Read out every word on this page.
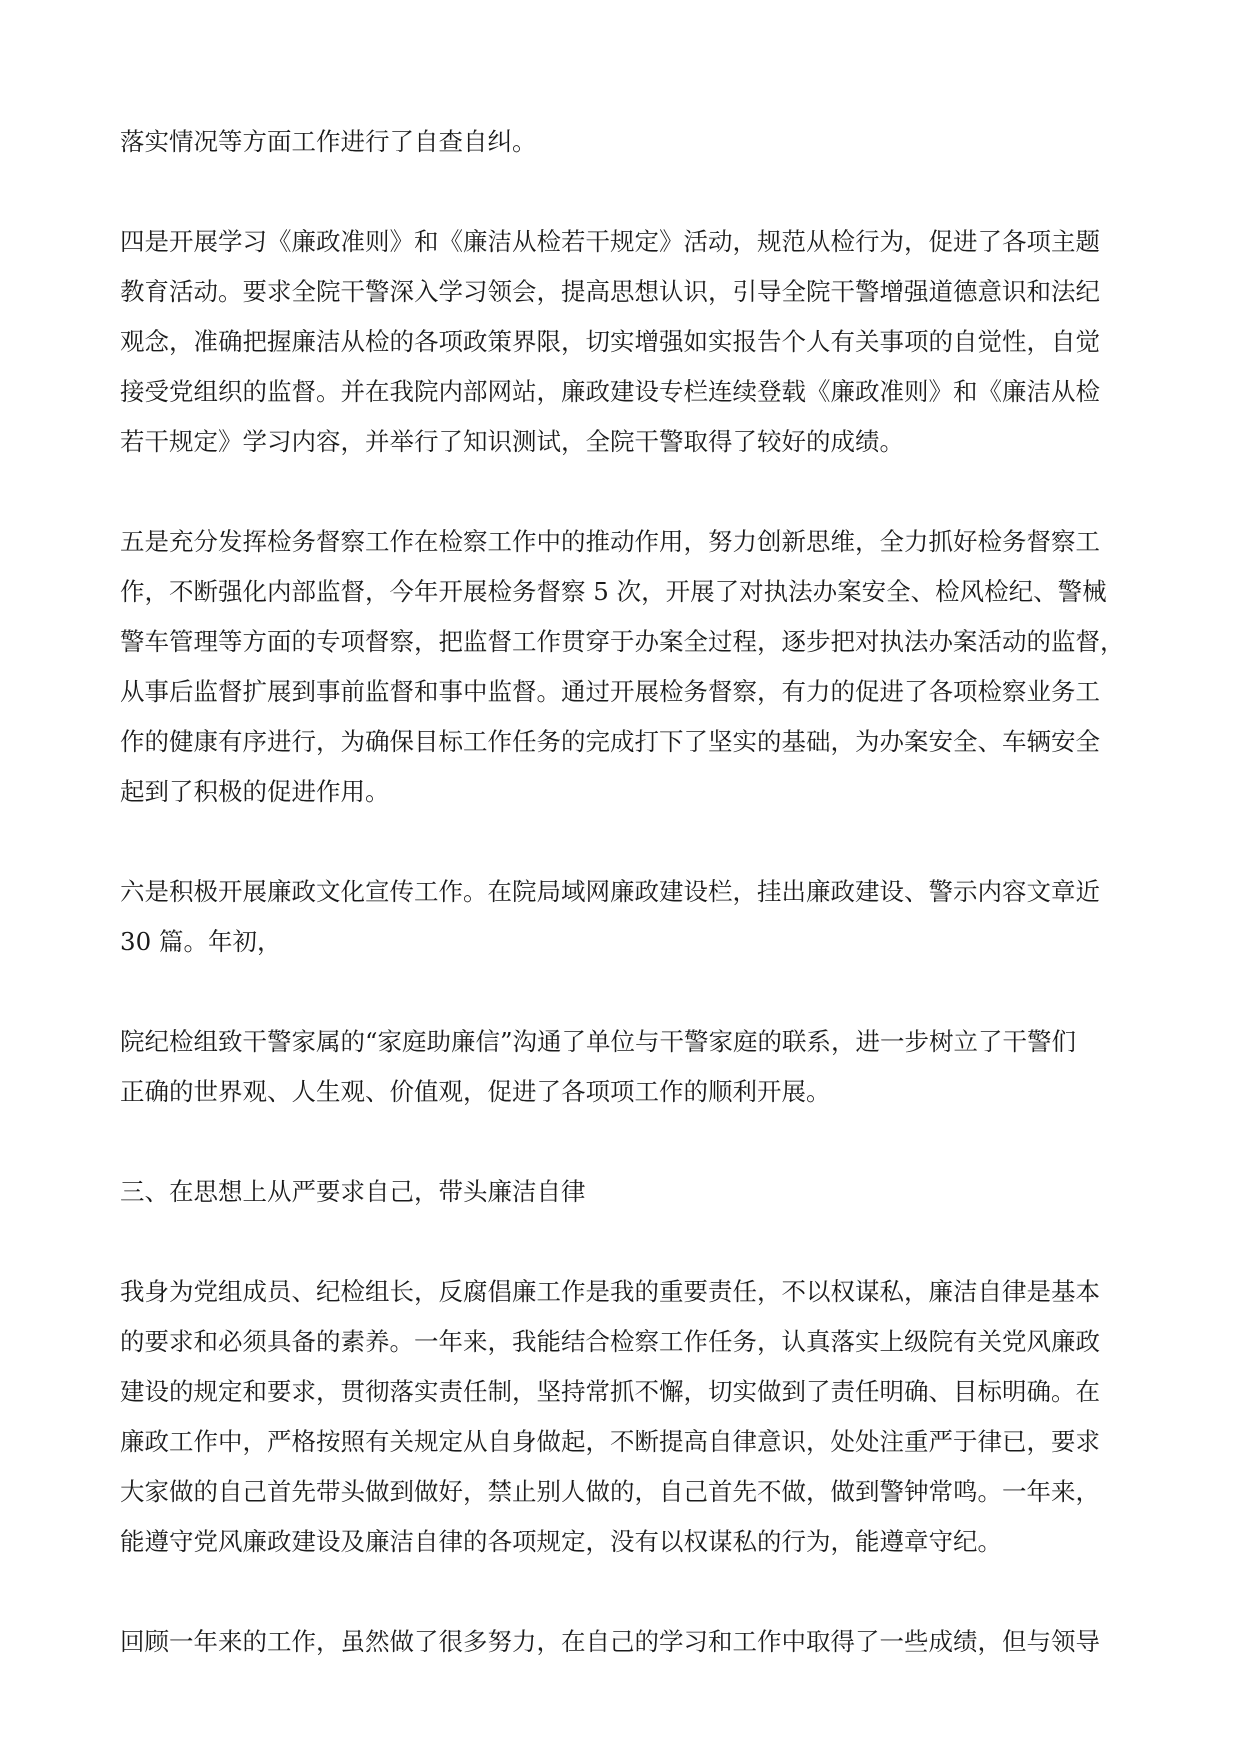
落实情况等方面工作进行了自查自纠。

四是开展学习《廉政准则》和《廉洁从检若干规定》活动，规范从检行为，促进了各项主题

教育活动。要求全院干警深入学习领会，提高思想认识，引导全院干警增强道德意识和法纪

观念，准确把握廉洁从检的各项政策界限，切实增强如实报告个人有关事项的自觉性，自觉

接受党组织的监督。并在我院内部网站，廉政建设专栏连续登载《廉政准则》和《廉洁从检

若干规定》学习内容，并举行了知识测试，全院干警取得了较好的成绩。

五是充分发挥检务督察工作在检察工作中的推动作用，努力创新思维，全力抓好检务督察工

作，不断强化内部监督，今年开展检务督察 5 次，开展了对执法办案安全、检风检纪、警械

警车管理等方面的专项督察，把监督工作贯穿于办案全过程，逐步把对执法办案活动的监督，

从事后监督扩展到事前监督和事中监督。通过开展检务督察，有力的促进了各项检察业务工

作的健康有序进行，为确保目标工作任务的完成打下了坚实的基础，为办案安全、车辆安全

起到了积极的促进作用。

六是积极开展廉政文化宣传工作。在院局域网廉政建设栏，挂出廉政建设、警示内容文章近

30 篇。年初，

院纪检组致干警家属的“家庭助廉信”沟通了单位与干警家庭的联系，进一步树立了干警们

正确的世界观、人生观、价值观，促进了各项项工作的顺利开展。

三、在思想上从严要求自己，带头廉洁自律

我身为党组成员、纪检组长，反腐倡廉工作是我的重要责任，不以权谋私，廉洁自律是基本

的要求和必须具备的素养。一年来，我能结合检察工作任务，认真落实上级院有关党风廉政

建设的规定和要求，贯彻落实责任制，坚持常抓不懈，切实做到了责任明确、目标明确。在

廉政工作中，严格按照有关规定从自身做起，不断提高自律意识，处处注重严于律已，要求

大家做的自己首先带头做到做好，禁止别人做的，自己首先不做，做到警钟常鸣。一年来，

能遵守党风廉政建设及廉洁自律的各项规定，没有以权谋私的行为，能遵章守纪。

回顾一年来的工作，虽然做了很多努力，在自己的学习和工作中取得了一些成绩，但与领导
